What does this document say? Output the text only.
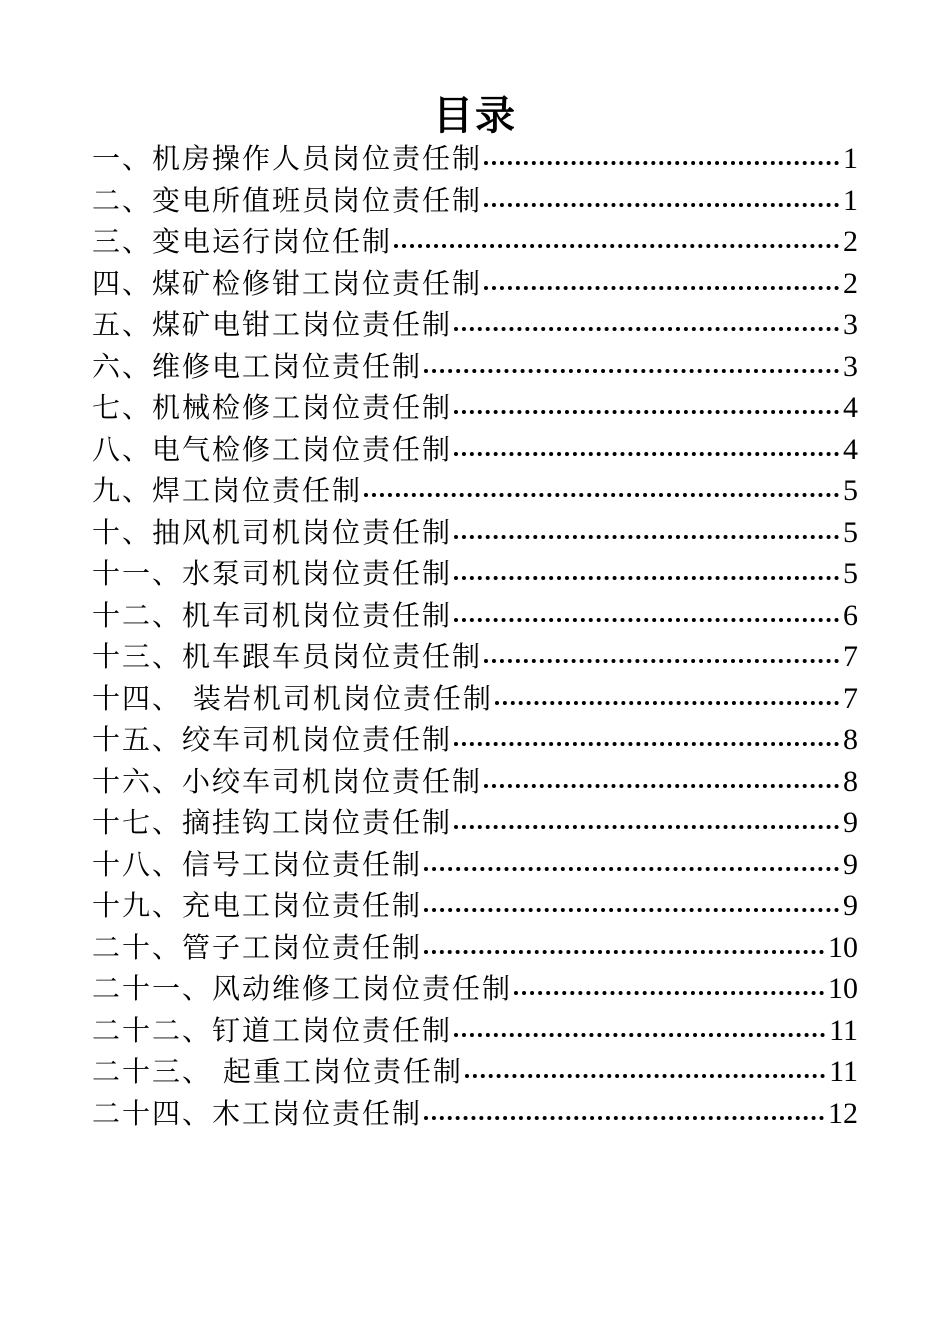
目录
一、机房操作人员岗位责任制	1
二、变电所值班员岗位责任制	1
三、变电运行岗位任制	2
四、煤矿检修钳工岗位责任制	2
五、煤矿电钳工岗位责任制	3
六、维修电工岗位责任制	3
七、机械检修工岗位责任制	4
八、电气检修工岗位责任制	4
九、焊工岗位责任制	5
十、抽风机司机岗位责任制	5
十一、水泵司机岗位责任制	5
十二、机车司机岗位责任制	6
十三、机车跟车员岗位责任制	7
十四、 装岩机司机岗位责任制	7
十五、绞车司机岗位责任制	8
十六、小绞车司机岗位责任制	8
十七、摘挂钩工岗位责任制	9
十八、信号工岗位责任制	9
十九、充电工岗位责任制	9
二十、管子工岗位责任制	10
二十一、风动维修工岗位责任制	10
二十二、钉道工岗位责任制	11
二十三、 起重工岗位责任制	11
二十四、木工岗位责任制	12
